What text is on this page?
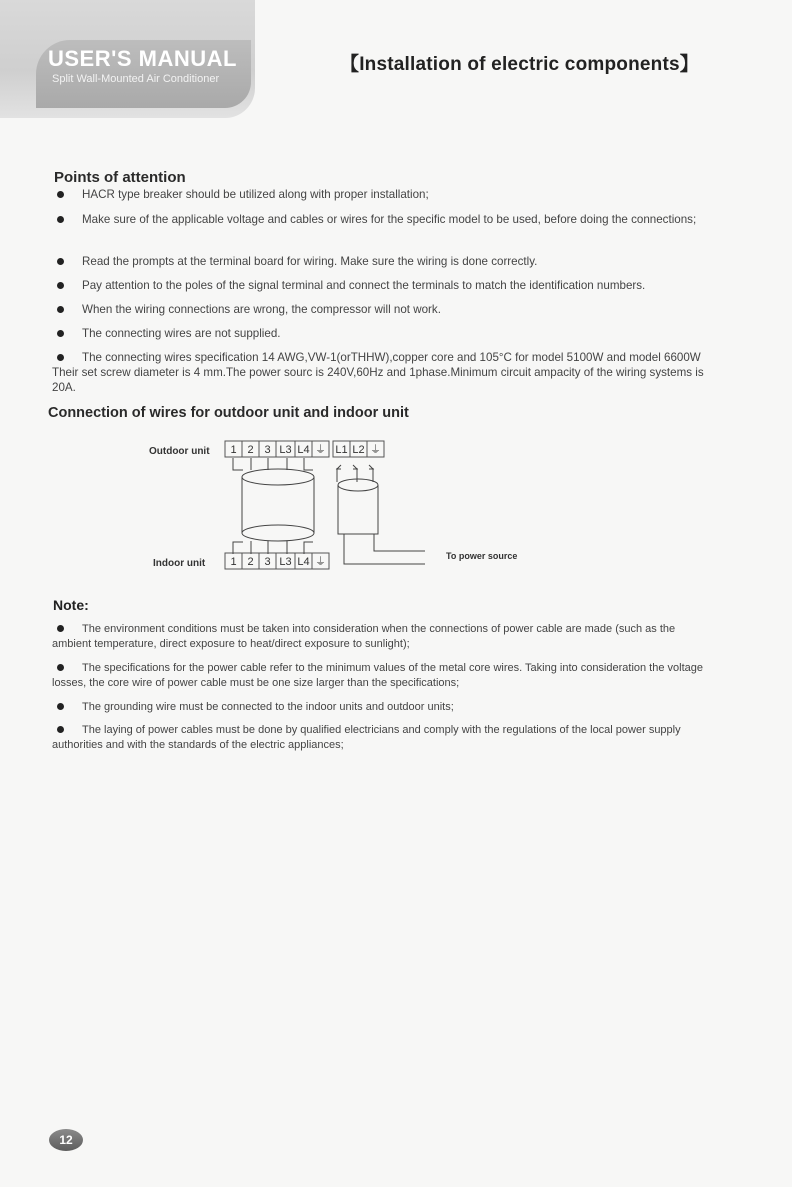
USER'S MANUAL
Split Wall-Mounted Air Conditioner
【Installation of electric components】
Points of attention
HACR type breaker should be utilized along with proper installation;
Make sure of the applicable voltage and cables or wires for the specific model to be used, before doing the connections;
Read the prompts at the terminal board for wiring. Make sure the wiring is done correctly.
Pay attention to the poles of the signal terminal and connect the terminals to match the identification numbers.
When the wiring connections are wrong, the compressor will not work.
The connecting wires are not supplied.
The connecting wires specification 14 AWG,VW-1(orTHHW),copper core and 105°C for model 5100W and model 6600W Their set screw diameter is 4 mm.The power sourc is 240V,60Hz and 1phase.Minimum circuit ampacity of the wiring systems is 20A.
Connection of wires for outdoor unit and indoor unit
Outdoor unit
Indoor unit
To power source
1 2 3 L3 L4 ⏚ L1 L2 ⏚
1 2 3 L3 L4 ⏚
Note:
The environment conditions must be taken into consideration when the connections of power cable are made (such as the ambient temperature, direct exposure to heat/direct exposure to sunlight);
The specifications for the power cable refer to the minimum values of the metal core wires. Taking into consideration the voltage losses, the core wire of power cable must be one size larger than the specifications;
The grounding wire must be connected to the indoor units and outdoor units;
The laying of power cables must be done by qualified electricians and comply with the regulations of the local power supply authorities and with the standards of the electric appliances;
12
